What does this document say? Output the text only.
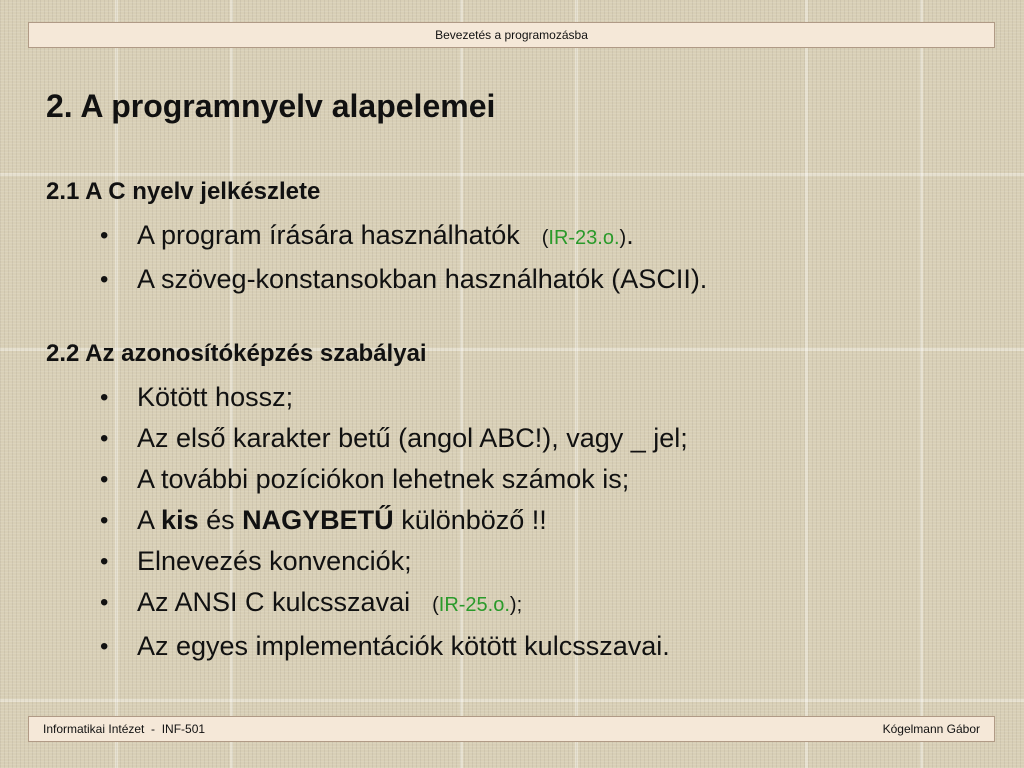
Bevezetés a programozásba
2. A programnyelv alapelemei
2.1 A C nyelv jelkészlete
• A program írására használhatók (IR-23.o.).
• A szöveg-konstansokban használhatók (ASCII).
2.2 Az azonosítóképzés szabályai
• Kötött hossz;
• Az első karakter betű (angol ABC!), vagy _ jel;
• A további pozíciókon lehetnek számok is;
• A kis és NAGYBETŰ különböző !!
• Elnevezés konvenciók;
• Az ANSI C kulcsszavai (IR-25.o.);
• Az egyes implementációk kötött kulcsszavai.
Informatikai Intézet  -  INF-501	Kógelmann Gábor
